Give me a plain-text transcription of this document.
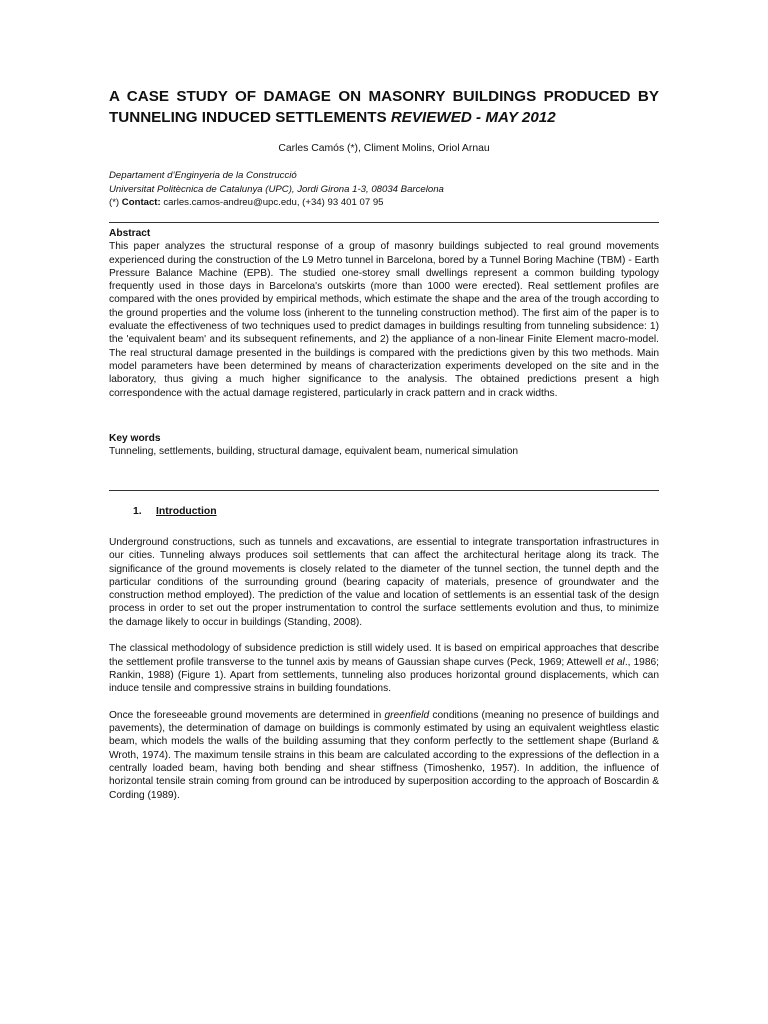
A CASE STUDY OF DAMAGE ON MASONRY BUILDINGS PRODUCED BY
TUNNELING INDUCED SETTLEMENTS REVIEWED - MAY 2012
Carles Camós (*), Climent Molins, Oriol Arnau
Departament d’Enginyeria de la Construcció
Universitat Politècnica de Catalunya (UPC), Jordi Girona 1-3, 08034 Barcelona
(*) Contact: carles.camos-andreu@upc.edu, (+34) 93 401 07 95
Abstract

This paper analyzes the structural response of a group of masonry buildings subjected to real ground movements experienced during the construction of the L9 Metro tunnel in Barcelona, bored by a Tunnel Boring Machine (TBM) - Earth Pressure Balance Machine (EPB). The studied one-storey small dwellings represent a common building typology frequently used in those days in Barcelona's outskirts (more than 1000 were erected). Real settlement profiles are compared with the ones provided by empirical methods, which estimate the shape and the area of the trough according to the ground properties and the volume loss (inherent to the tunneling construction method). The first aim of the paper is to evaluate the effectiveness of two techniques used to predict damages in buildings resulting from tunneling subsidence: 1) the 'equivalent beam' and its subsequent refinements, and 2) the appliance of a non-linear Finite Element macro-model. The real structural damage presented in the buildings is compared with the predictions given by this two methods. Main model parameters have been determined by means of characterization experiments developed on the site and in the laboratory, thus giving a much higher significance to the analysis. The obtained predictions present a high correspondence with the actual damage registered, particularly in crack pattern and in crack widths.

Key words

Tunneling, settlements, building, structural damage, equivalent beam, numerical simulation

1. Introduction

Underground constructions, such as tunnels and excavations, are essential to integrate transportation infrastructures in our cities. Tunneling always produces soil settlements that can affect the architectural heritage along its track. The significance of the ground movements is closely related to the diameter of the tunnel section, the tunnel depth and the particular conditions of the surrounding ground (bearing capacity of materials, presence of groundwater and the construction method employed). The prediction of the value and location of settlements is an essential task of the design process in order to set out the proper instrumentation to control the surface settlements evolution and thus, to minimize the damage likely to occur in buildings (Standing, 2008).

The classical methodology of subsidence prediction is still widely used. It is based on empirical approaches that describe the settlement profile transverse to the tunnel axis by means of Gaussian shape curves (Peck, 1969; Attewell et al., 1986; Rankin, 1988) (Figure 1). Apart from settlements, tunneling also produces horizontal ground displacements, which can induce tensile and compressive strains in building foundations.

Once the foreseeable ground movements are determined in greenfield conditions (meaning no presence of buildings and pavements), the determination of damage on buildings is commonly estimated by using an equivalent weightless elastic beam, which models the walls of the building assuming that they conform perfectly to the settlement shape (Burland & Wroth, 1974). The maximum tensile strains in this beam are calculated according to the expressions of the deflection in a centrally loaded beam, having both bending and shear stiffness (Timoshenko, 1957). In addition, the influence of horizontal tensile strain coming from ground can be introduced by superposition according to the approach of Boscardin & Cording (1989).
